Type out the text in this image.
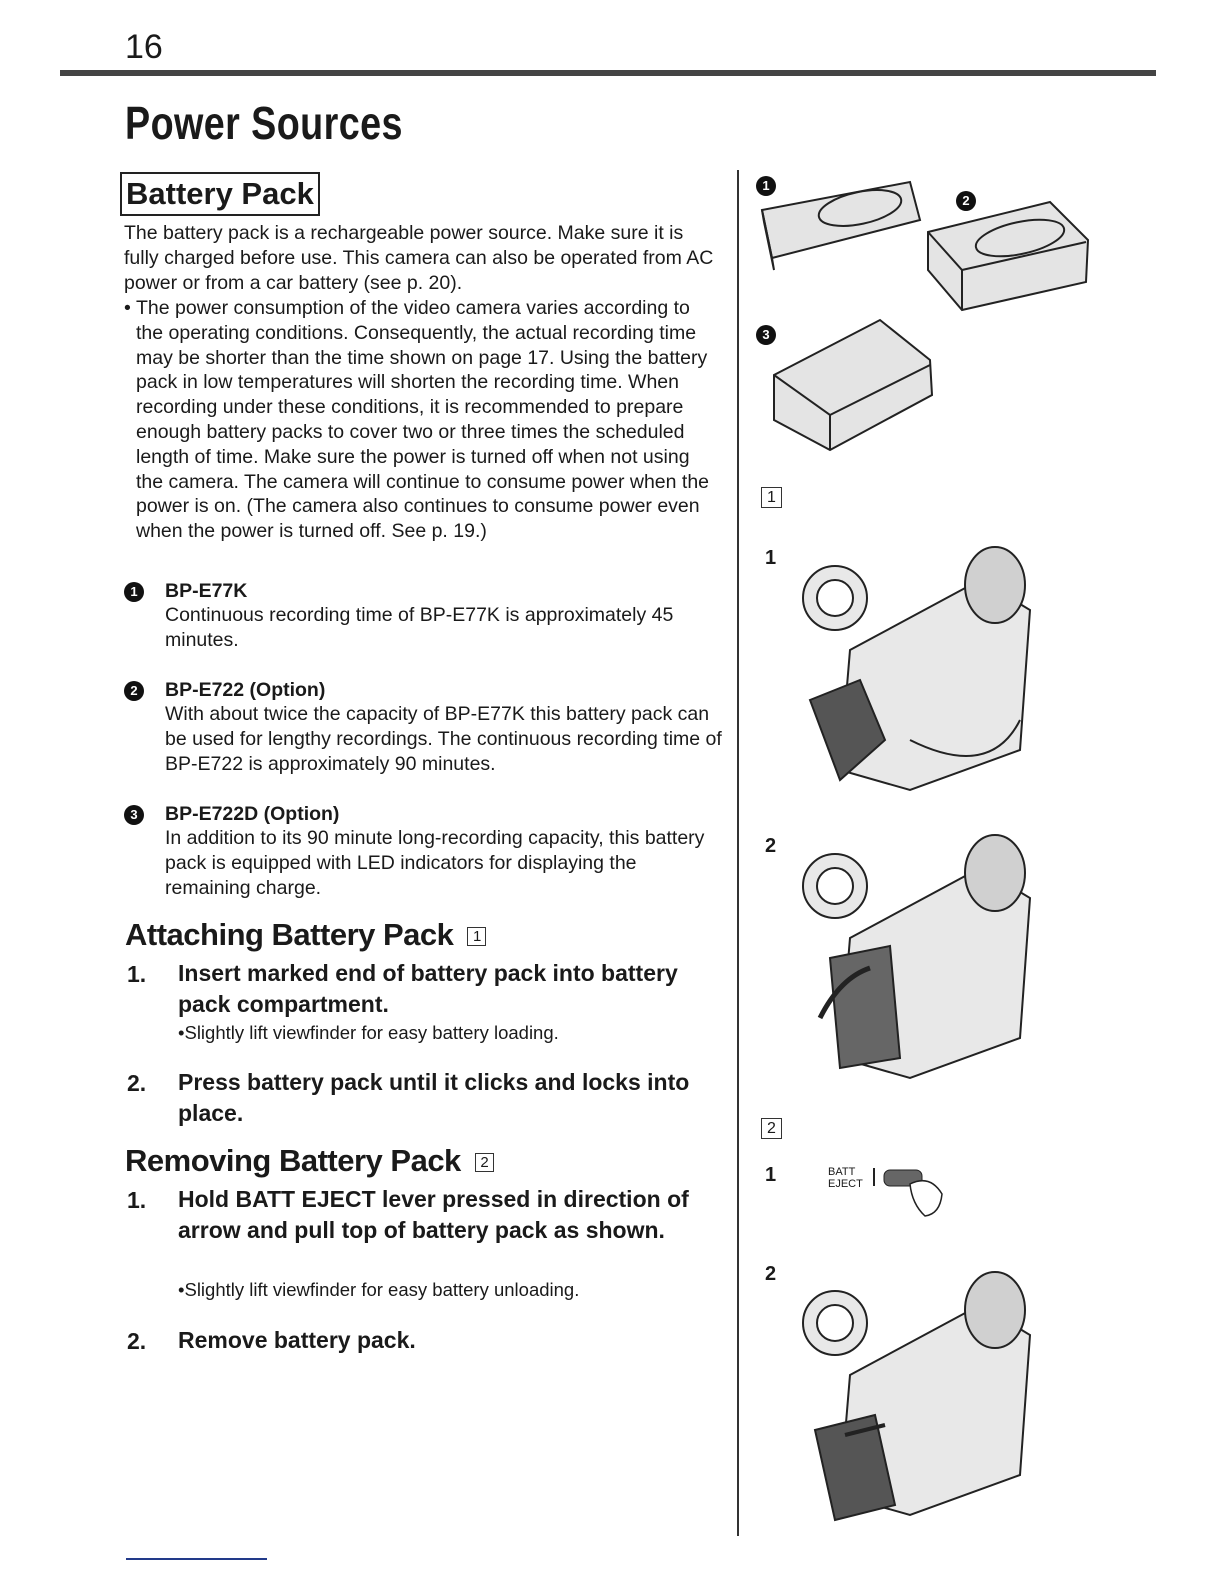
16
Power Sources
Battery Pack
The battery pack is a rechargeable power source. Make sure it is fully charged before use. This camera can also be operated from AC power or from a car battery (see p. 20).
• The power consumption of the video camera varies according to the operating conditions. Consequently, the actual recording time may be shorter than the time shown on page 17. Using the battery pack in low temperatures will shorten the recording time. When recording under these conditions, it is recommended to prepare enough battery packs to cover two or three times the scheduled length of time. Make sure the power is turned off when not using the camera. The camera will continue to consume power when the power is on. (The camera also continues to consume power even when the power is turned off. See p. 19.)
1	BP-E77K
Continuous recording time of BP-E77K is approximately 45 minutes.
2	BP-E722 (Option)
With about twice the capacity of BP-E77K this battery pack can be used for lengthy recordings. The continuous recording time of BP-E722 is approximately 90 minutes.
3	BP-E722D (Option)
In addition to its 90 minute long-recording capacity, this battery pack is equipped with LED indicators for displaying the remaining charge.
Attaching Battery Pack 1
1. Insert marked end of battery pack into battery pack compartment.
•Slightly lift viewfinder for easy battery loading.
2. Press battery pack until it clicks and locks into place.
Removing Battery Pack 2
1. Hold BATT EJECT lever pressed in direction of arrow and pull top of battery pack as shown.
•Slightly lift viewfinder for easy battery unloading.
2. Remove battery pack.
1
2
3
1
1
2
2
1	BATT
EJECT
2
